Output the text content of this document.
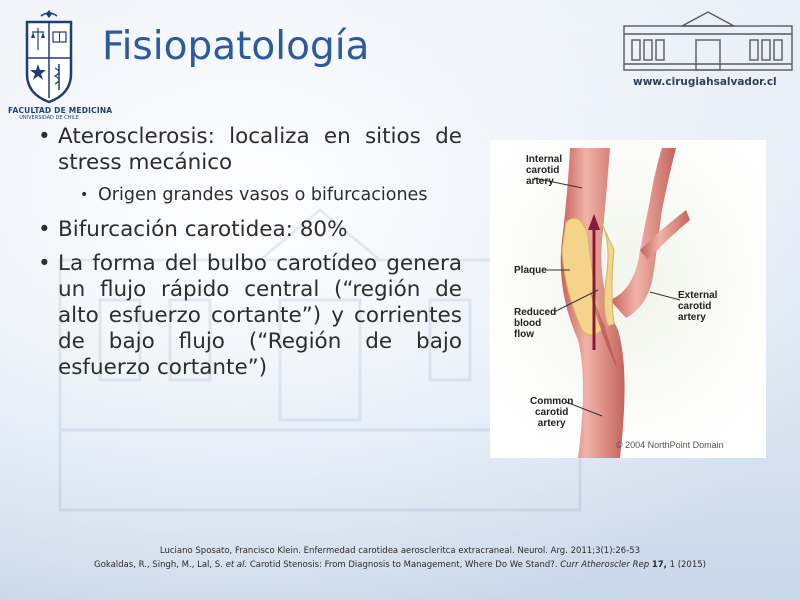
FACULTAD DE MEDICINA
UNIVERSIDAD DE CHILE
Fisiopatología
www.cirugiahsalvador.cl
• Aterosclerosis: localiza en sitios de stress mecánico
• Origen grandes vasos o bifurcaciones
• Bifurcación carotidea: 80%
• La forma del bulbo carotídeo genera un flujo rápido central (“región de alto esfuerzo cortante”) y corrientes de bajo flujo (“Región de bajo esfuerzo cortante”)
Internal
carotid
artery
Plaque
Reduced
blood
flow
External
carotid
artery
Common
carotid
artery
© 2004 NorthPoint Domain
Luciano Sposato, Francisco Klein. Enfermedad carotidea aeroscleritca extracraneal. Neurol. Arg. 2011;3(1):26-53
Gokaldas, R., Singh, M., Lal, S. et al. Carotid Stenosis: From Diagnosis to Management, Where Do We Stand?. Curr Atheroscler Rep 17, 1 (2015)
